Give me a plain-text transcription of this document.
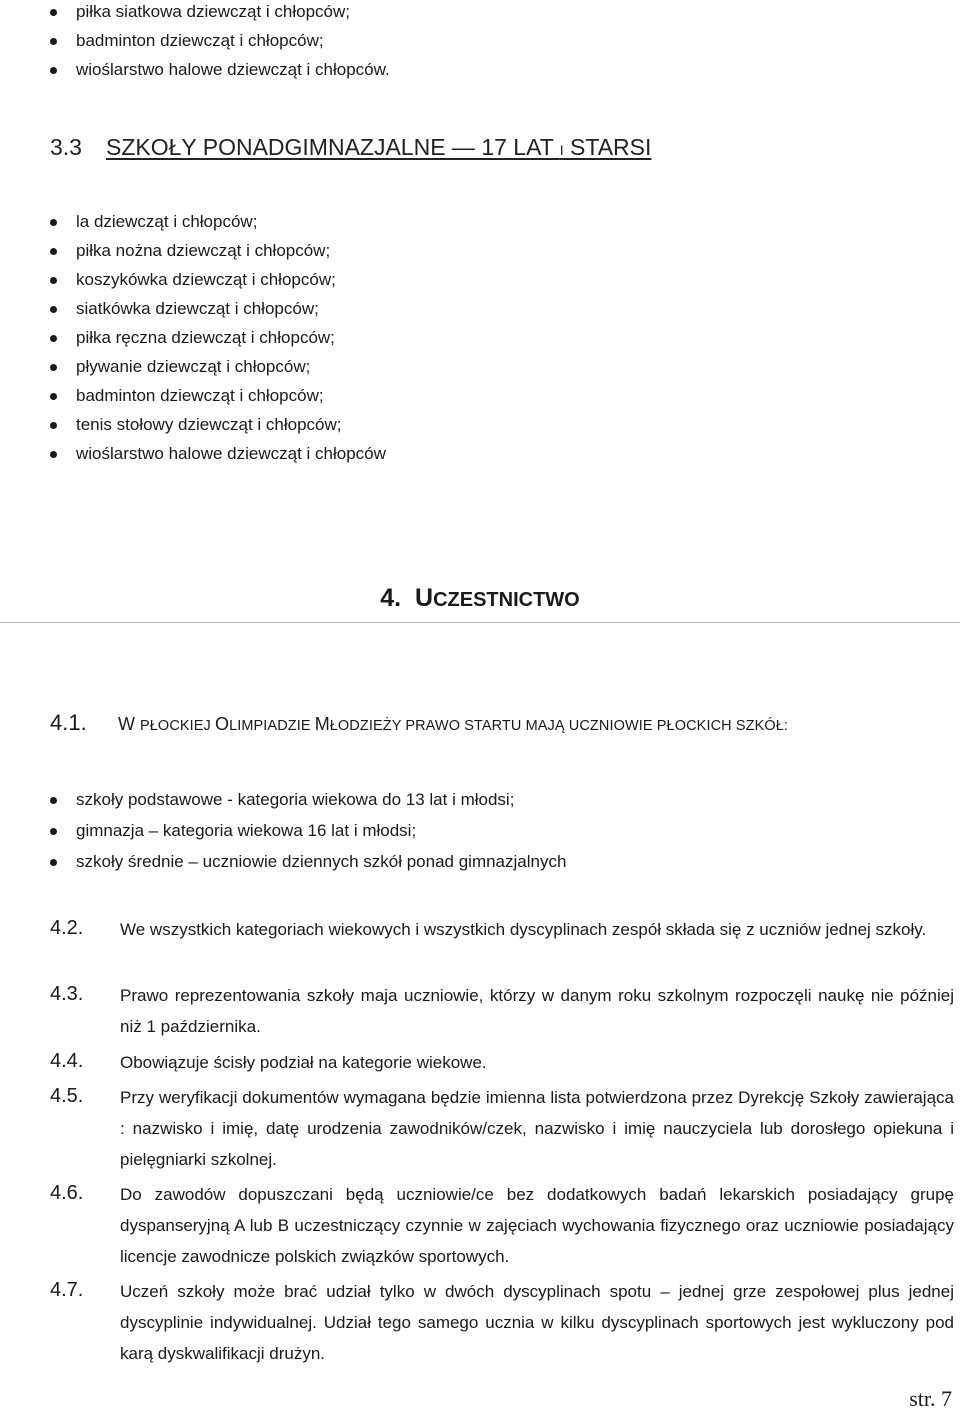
piłka siatkowa dziewcząt i chłopców;
badminton dziewcząt i chłopców;
wioślarstwo halowe dziewcząt i chłopców.
3.3 SZKOŁY PONADGIMNAZJALNE — 17 LAT I STARSI
la dziewcząt i chłopców;
piłka nożna dziewcząt i chłopców;
koszykówka dziewcząt i chłopców;
siatkówka dziewcząt i chłopców;
piłka ręczna dziewcząt i chłopców;
pływanie dziewcząt i chłopców;
badminton dziewcząt i chłopców;
tenis stołowy dziewcząt i chłopców;
wioślarstwo halowe dziewcząt i chłopców
4. UCZESTNICTWO
4.1. W PŁOCKIEJ OLIMPIADZIE MŁODZIEŻY PRAWO STARTU MAJĄ UCZNIOWIE PŁOCKICH SZKÓŁ:
szkoły podstawowe - kategoria wiekowa do 13 lat i młodsi;
gimnazja – kategoria wiekowa 16 lat i młodsi;
szkoły średnie – uczniowie dziennych szkół ponad gimnazjalnych
4.2. We wszystkich kategoriach wiekowych i wszystkich dyscyplinach zespół składa się z uczniów jednej szkoły.
4.3. Prawo reprezentowania szkoły maja uczniowie, którzy w danym roku szkolnym rozpoczęli naukę nie później niż 1 października.
4.4. Obowiązuje ścisły podział na kategorie wiekowe.
4.5. Przy weryfikacji dokumentów wymagana będzie imienna lista potwierdzona przez Dyrekcję Szkoły zawierająca : nazwisko i imię, datę urodzenia zawodników/czek, nazwisko i imię nauczyciela lub dorosłego opiekuna i pielęgniarki szkolnej.
4.6. Do zawodów dopuszczani będą uczniowie/ce bez dodatkowych badań lekarskich posiadający grupę dyspanseryjną A lub B uczestniczący czynnie w zajęciach wychowania fizycznego oraz uczniowie posiadający licencje zawodnicze polskich związków sportowych.
4.7. Uczeń szkoły może brać udział tylko w dwóch dyscyplinach spotu – jednej grze zespołowej plus jednej dyscyplinie indywidualnej. Udział tego samego ucznia w kilku dyscyplinach sportowych jest wykluczony pod karą dyskwalifikacji drużyn.
str. 7
